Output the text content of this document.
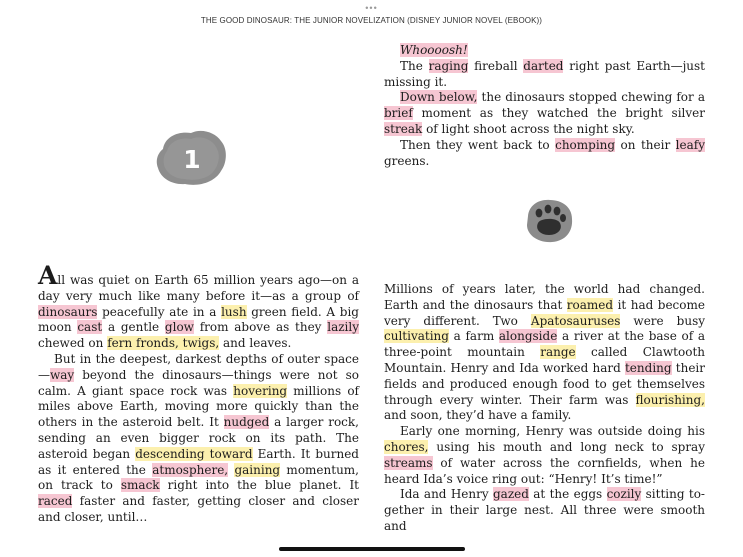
•••
THE GOOD DINOSAUR: THE JUNIOR NOVELIZATION (DISNEY JUNIOR NOVEL (EBOOK))
1

All was quiet on Earth 65 million years ago—on a day very much like many before it—as a group of dinosaurs peacefully ate in a lush green field. A big moon cast a gentle glow from above as they lazily chewed on fern fronds, twigs, and leaves.

But in the deepest, darkest depths of outer space—way beyond the dinosaurs—things were not so calm. A giant space rock was hovering millions of miles above Earth, moving more quickly than the others in the asteroid belt. It nudged a larger rock, sending an even bigger rock on its path. The asteroid began descending toward Earth. It burned as it entered the atmosphere, gaining momentum, on track to smack right into the blue planet. It raced faster and faster, getting closer and closer and closer, until…

Whoooosh!

The raging fireball darted right past Earth—just missing it.

Down below, the dinosaurs stopped chewing for a brief moment as they watched the bright silver streak of light shoot across the night sky.

Then they went back to chomping on their leafy greens.

Millions of years later, the world had changed. Earth and the dinosaurs that roamed it had become very different. Two Apatosauruses were busy cultivating a farm alongside a river at the base of a three-point mountain range called Clawtooth Mountain. Henry and Ida worked hard tending their fields and produced enough food to get themselves through every winter. Their farm was flourishing, and soon, they’d have a family.

Early one morning, Henry was outside doing his chores, using his mouth and long neck to spray streams of water across the cornfields, when he heard Ida’s voice ring out: “Henry! It’s time!”

Ida and Henry gazed at the eggs cozily sitting together in their large nest. All three were smooth and
